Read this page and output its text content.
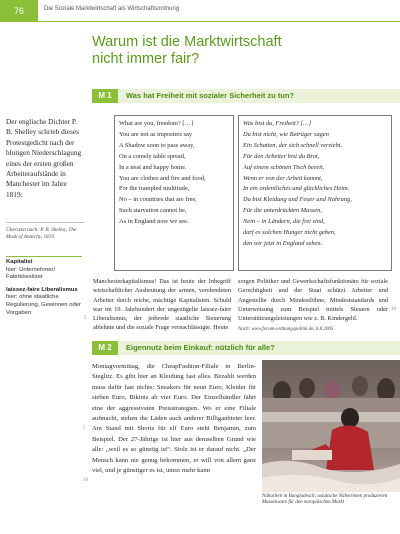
76	Die Soziale Marktwirtschaft als Wirtschaftsordnung
Warum ist die Marktwirtschaft
nicht immer fair?
M 1	Was hat Freiheit mit sozialer Sicherheit zu tun?
Der englische Dichter P. B. Shelley schrieb dieses Protestgedicht nach der blutigen Niederschlagung eines der ersten großen Arbeiteraufstände in Manchester im Jahre 1819:
Übersetzt nach: P. B. Shelley, The Mask of Anarchy, 1819
What are you, freedom? […]
You are not as imposters say
A Shadow soon to pass away,
On a comely table spread,
In a neat and happy home.
You are clothes and fire and food,
For the trampled multitude,
No – in countries that are free,
Such starvation cannot be,
As in England now we see.
Was bist du, Freiheit? […]
Du bist nicht, wie Betrüger sagen
Ein Schatten, der sich schnell verzieht.
Für den Arbeiter bist du Brot,
Auf einem schönen Tisch bereit,
Wenn er von der Arbeit kommt,
In ein ordentliches und glückliches Heim.
Du bist Kleidung und Feuer und Nahrung,
Für die unterdrückten Massen,
Nein – in Ländern, die frei sind,
darf es solchen Hunger nicht geben,
den wir jetzt in England sehen.
Kapitalist
hier: Unternehmer/ Fabrikbesitzer
laissez-faire Liberalismus
hier: ohne staatliche Regulierung, Gewinnen oder Vorgaben
5

Manchesterkapitalismus! Das ist heute der Inbegriff wirtschaftlicher Ausbeutung der armen, verelendeten Arbeiter durch reiche, mächtige Kapitalisten. Schuld war im 19. Jahrhundert der ungezügelte laissez-faire Liberalismus, der jedwede staatliche Steuerung ablehnte und die soziale Frage vernachlässigte. Heute

10

sorgen Politiker und Gewerkschaftsfunktionäre für soziale Gerechtigkeit und der Staat schützt Arbeiter und Angestellte durch Mindestlöhne, Mindeststandards und Unterweisung zum Beispiel mittels Steuern oder Unterstützungsleistungen wie z. B. Kindergeld.

Nach: www.forum-ordnungspolitik.de, 6.8.2005

M 2	Eigennutz beim Einkauf: nützlich für alle?
5
10

Montagvormittag, die CheapFashion-Filiale in Berlin-Steglitz. Es gibt hier an Kleidung fast alles. Bezahlt werden muss dafür fast nichts: Sneakers für neun Euro, Kleider für sieben Euro, Bikinis ab vier Euro. Der Einzelhändler fährt eine der aggressivsten Preisstrategien. Wo er eine Filiale aufmacht, stehen die Läden auch anderer Billiganbieter leer. Am Stand mit Shorts für elf Euro steht Benjamin, zum Beispiel. Der 27-Jährige ist hier aus demselben Grund wie alle: „weil es so günstig ist“. Stolz ist er darauf nicht. „Der Mensch kann nie genug bekommen, er will von allem ganz viel, und je günstiger es ist, umso mehr kann

Näharbeit in Bangladesch; asiatische Näherinnen produzieren Massenware für den europäischen Markt
